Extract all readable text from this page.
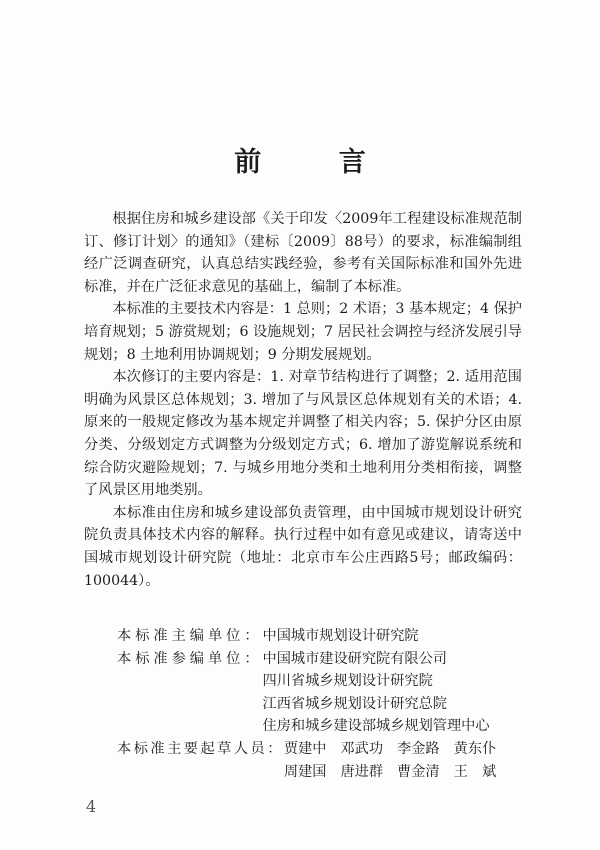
前 言

根据住房和城乡建设部《关于印发〈2009年工程建设标准规范制订、修订计划〉的通知》（建标〔2009〕88号）的要求，标准编制组经广泛调查研究，认真总结实践经验，参考有关国际标准和国外先进标准，并在广泛征求意见的基础上，编制了本标准。

本标准的主要技术内容是：1 总则；2 术语；3 基本规定；4 保护培育规划；5 游赏规划；6 设施规划；7 居民社会调控与经济发展引导规划；8 土地利用协调规划；9 分期发展规划。

本次修订的主要内容是：1. 对章节结构进行了调整；2. 适用范围明确为风景区总体规划；3. 增加了与风景区总体规划有关的术语；4. 原来的一般规定修改为基本规定并调整了相关内容；5. 保护分区由原分类、分级划定方式调整为分级划定方式；6. 增加了游览解说系统和综合防灾避险规划；7. 与城乡用地分类和土地利用分类相衔接，调整了风景区用地类别。

本标准由住房和城乡建设部负责管理，由中国城市规划设计研究院负责具体技术内容的解释。执行过程中如有意见或建议，请寄送中国城市规划设计研究院（地址：北京市车公庄西路5号；邮政编码：100044）。

本标准主编单位： 中国城市规划设计研究院
本标准参编单位： 中国城市建设研究院有限公司
四川省城乡规划设计研究院
江西省城乡规划设计研究总院
住房和城乡建设部城乡规划管理中心
本标准主要起草人员： 贾建中 邓武功 李金路 黄东仆
周建国 唐进群 曹金清 王　斌
4
